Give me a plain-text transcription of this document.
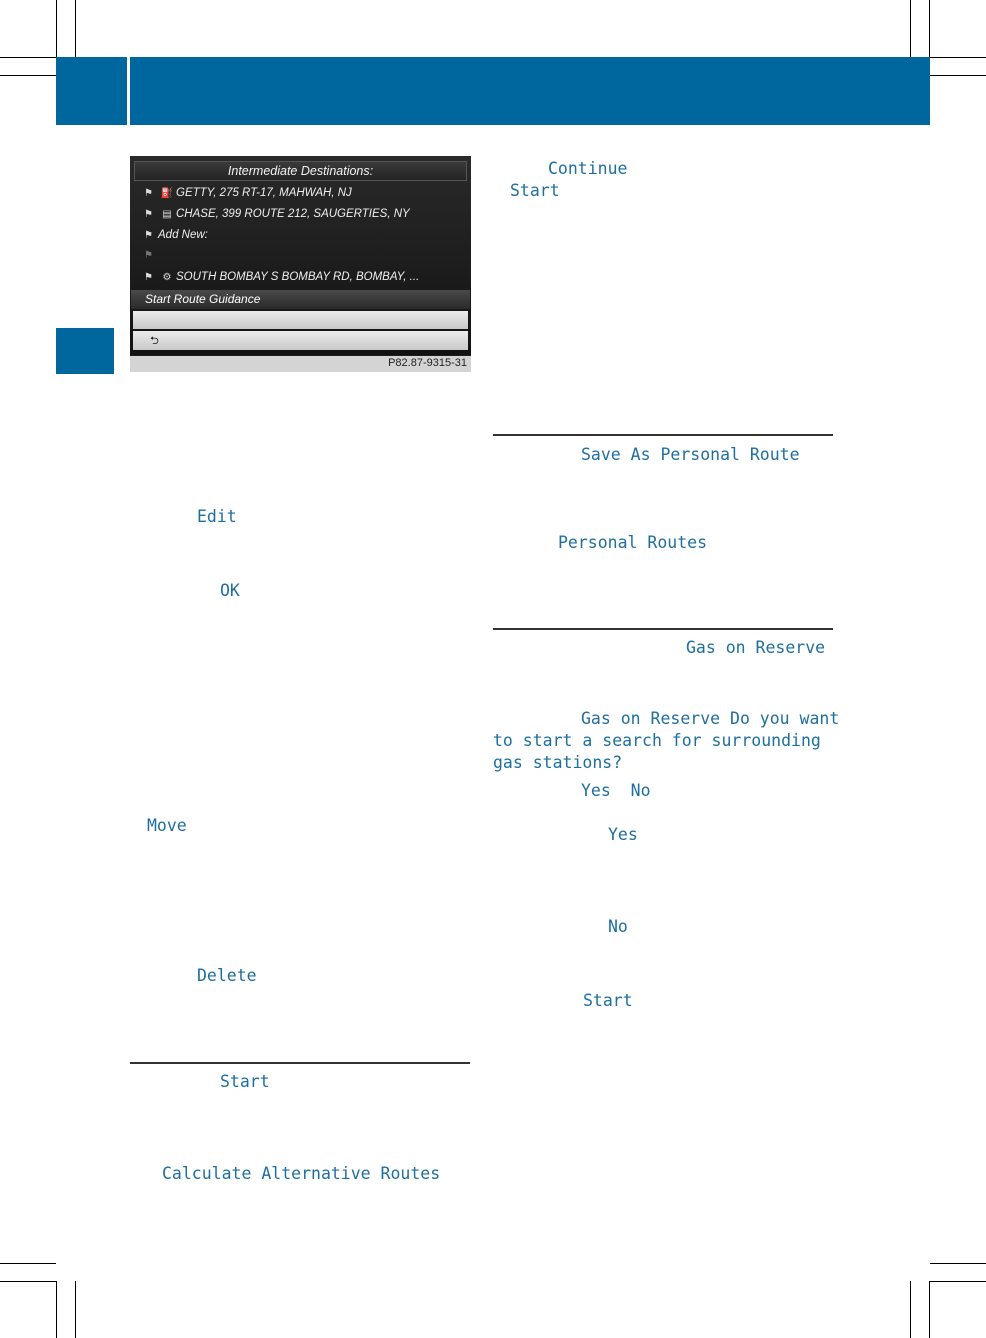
Intermediate Destinations:
⚑ ⛽ GETTY, 275 RT-17, MAHWAH, NJ
⚑ ▤ CHASE, 399 ROUTE 212, SAUGERTIES, NY
⚑ Add New:
⚑
⚑ ⚙ SOUTH BOMBAY S BOMBAY RD, BOMBAY, ...
Start Route Guidance
⮌
P82.87-9315-31
Edit
OK
Move
Delete
Start
Calculate Alternative Routes
Continue
Start
Save As Personal Route
Personal Routes
Gas on Reserve
Gas on Reserve Do you want
to start a search for surrounding
gas stations?
Yes  No
Yes
No
Start
